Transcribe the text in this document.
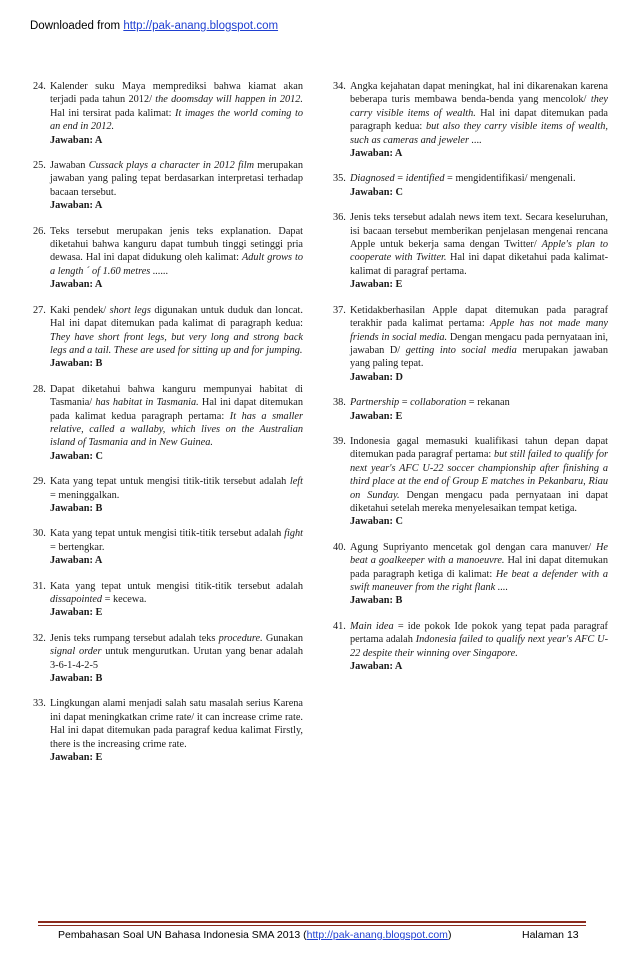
Downloaded from http://pak-anang.blogspot.com
24. Kalender suku Maya memprediksi bahwa kiamat akan terjadi pada tahun 2012/ the doomsday will happen in 2012. Hal ini tersirat pada kalimat: It images the world coming to an end in 2012.
Jawaban: A
25. Jawaban Cussack plays a character in 2012 film merupakan jawaban yang paling tepat berdasarkan interpretasi terhadap bacaan tersebut.
Jawaban: A
26. Teks tersebut merupakan jenis teks explanation. Dapat diketahui bahwa kanguru dapat tumbuh tinggi setinggi pria dewasa. Hal ini dapat didukung oleh kalimat: Adult grows to a length ´ of 1.60 metres ......
Jawaban: A
27. Kaki pendek/ short legs digunakan untuk duduk dan loncat. Hal ini dapat ditemukan pada kalimat di paragraph kedua: They have short front legs, but very long and strong back legs and a tail. These are used for sitting up and for jumping.
Jawaban: B
28. Dapat diketahui bahwa kanguru mempunyai habitat di Tasmania/ has habitat in Tasmania. Hal ini dapat ditemukan pada kalimat kedua paragraph pertama: It has a smaller relative, called a wallaby, which lives on the Australian island of Tasmania and in New Guinea.
Jawaban: C
29. Kata yang tepat untuk mengisi titik-titik tersebut adalah left = meninggalkan.
Jawaban: B
30. Kata yang tepat untuk mengisi titik-titik tersebut adalah fight = bertengkar.
Jawaban: A
31. Kata yang tepat untuk mengisi titik-titik tersebut adalah dissapointed = kecewa.
Jawaban: E
32. Jenis teks rumpang tersebut adalah teks procedure. Gunakan signal order untuk mengurutkan. Urutan yang benar adalah 3-6-1-4-2-5
Jawaban: B
33. Lingkungan alami menjadi salah satu masalah serius Karena ini dapat meningkatkan crime rate/ it can increase crime rate. Hal ini dapat ditemukan pada paragraf kedua kalimat Firstly, there is the increasing crime rate.
Jawaban: E
34. Angka kejahatan dapat meningkat, hal ini dikarenakan karena beberapa turis membawa benda-benda yang mencolok/ they carry visible items of wealth. Hal ini dapat ditemukan pada paragraph kedua: but also they carry visible items of wealth, such as cameras and jeweler ....
Jawaban: A
35. Diagnosed = identified = mengidentifikasi/ mengenali.
Jawaban: C
36. Jenis teks tersebut adalah news item text. Secara keseluruhan, isi bacaan tersebut memberikan penjelasan mengenai rencana Apple untuk bekerja sama dengan Twitter/ Apple's plan to cooperate with Twitter. Hal ini dapat diketahui pada kalimat-kalimat di paragraf pertama.
Jawaban: E
37. Ketidakberhasilan Apple dapat ditemukan pada paragraf terakhir pada kalimat pertama: Apple has not made many friends in social media. Dengan mengacu pada pernyataan ini, jawaban D/ getting into social media merupakan jawaban yang paling tepat.
Jawaban: D
38. Partnership = collaboration = rekanan
Jawaban: E
39. Indonesia gagal memasuki kualifikasi tahun depan dapat ditemukan pada paragraf pertama: but still failed to qualify for next year's AFC U-22 soccer championship after finishing a third place at the end of Group E matches in Pekanbaru, Riau on Sunday. Dengan mengacu pada pernyataan ini dapat diketahui setelah mereka menyelesaikan tempat ketiga.
Jawaban: C
40. Agung Supriyanto mencetak gol dengan cara manuver/ He beat a goalkeeper with a manoeuvre. Hal ini dapat ditemukan pada paragraph ketiga di kalimat: He beat a defender with a swift maneuver from the right flank ....
Jawaban: B
41. Main idea = ide pokok Ide pokok yang tepat pada paragraf pertama adalah Indonesia failed to qualify next year's AFC U-22 despite their winning over Singapore.
Jawaban: A
Pembahasan Soal UN Bahasa Indonesia SMA 2013 (http://pak-anang.blogspot.com)	Halaman 13
